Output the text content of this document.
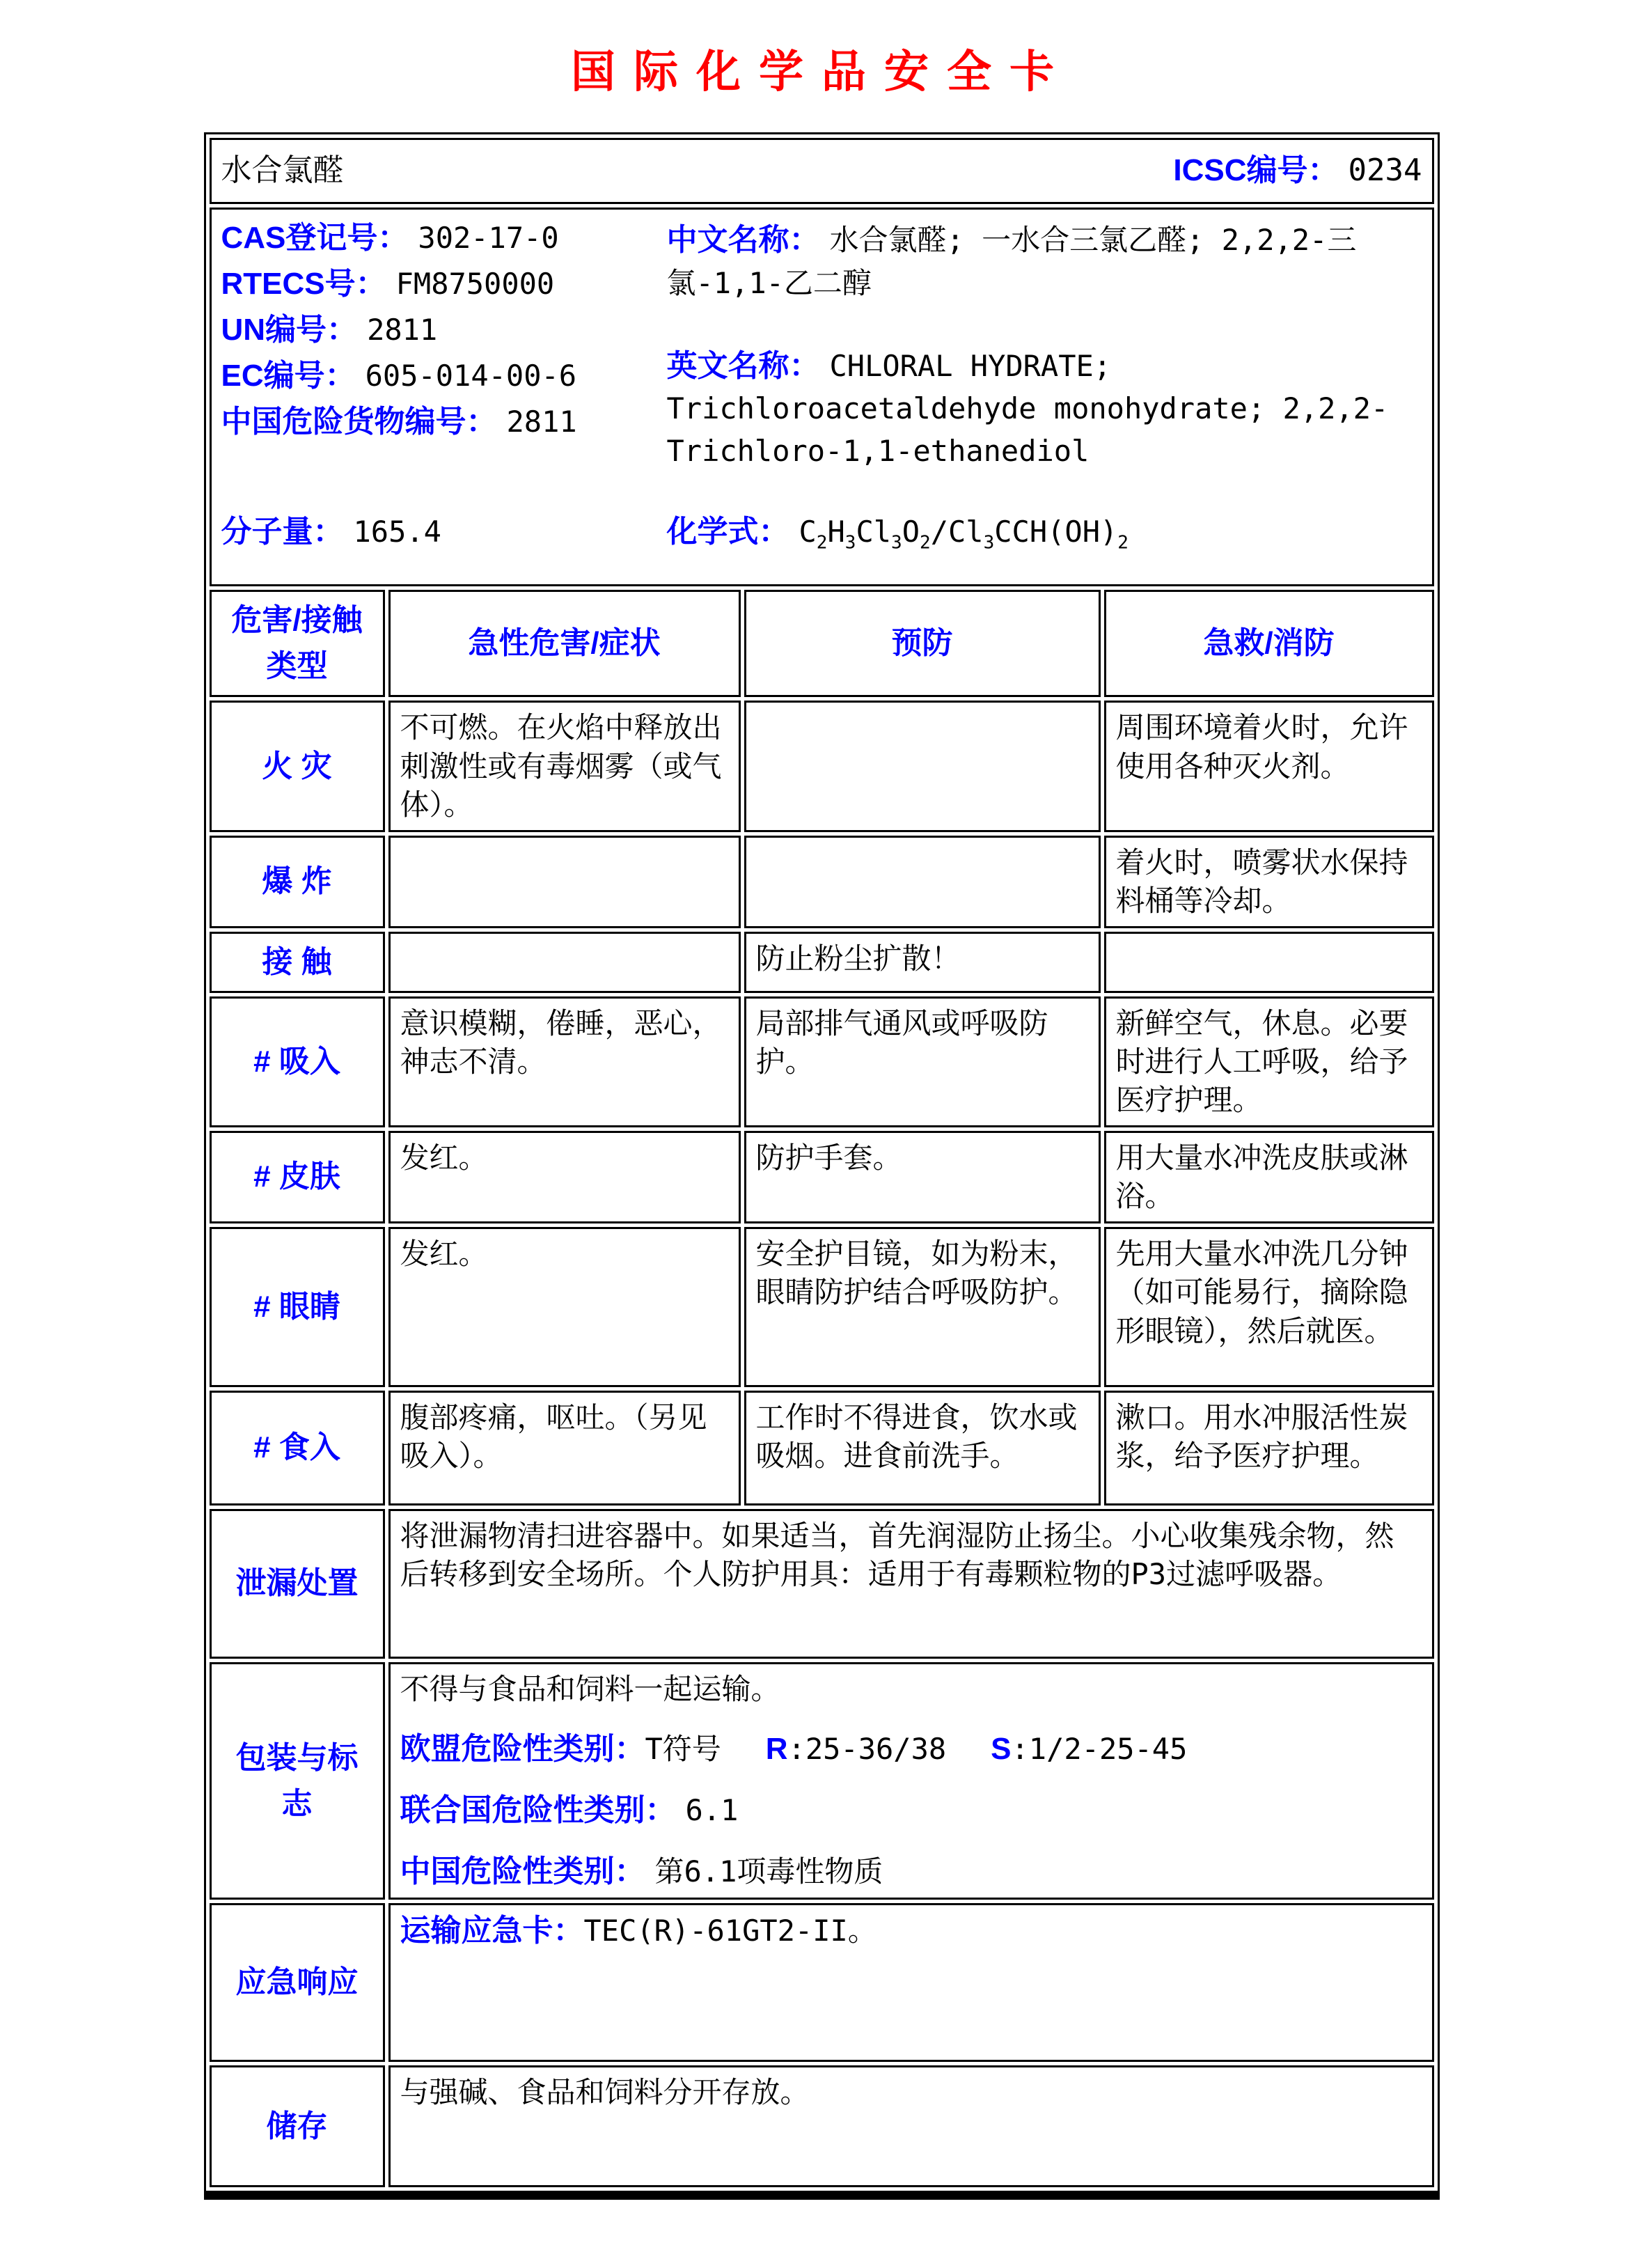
国际化学品安全卡
水合氯醛 ICSC编号： 0234			

CAS登记号： 302-17-0
RTECS号： FM8750000
UN编号： 2811
EC编号： 605-014-00-6
中国危险货物编号： 2811

中文名称： 水合氯醛; 一水合三氯乙醛; 2,2,2-三氯-1,1-乙二醇

英文名称： CHLORAL HYDRATE; Trichloroacetaldehyde monohydrate; 2,2,2-Trichloro-1,1-ethanediol

分子量： 165.4	化学式： $C_2H_3Cl_3O_2/Cl_3CCH(OH)_2$

危害/接触类型	急性危害/症状	预防	急救/消防
火 灾	不可燃。在火焰中释放出刺激性或有毒烟雾（或气体）。		周围环境着火时，允许使用各种灭火剂。
爆 炸			着火时，喷雾状水保持料桶等冷却。
接 触		防止粉尘扩散！	
# 吸入	意识模糊，倦睡，恶心，神志不清。	局部排气通风或呼吸防护。	新鲜空气，休息。必要时进行人工呼吸，给予医疗护理。
# 皮肤	发红。	防护手套。	用大量水冲洗皮肤或淋浴。
# 眼睛	发红。	安全护目镜，如为粉末，眼睛防护结合呼吸防护。	先用大量水冲洗几分钟（如可能易行，摘除隐形眼镜），然后就医。
# 食入	腹部疼痛，呕吐。（另见吸入）。	工作时不得进食，饮水或吸烟。进食前洗手。	漱口。用水冲服活性炭浆，给予医疗护理。
泄漏处置	将泄漏物清扫进容器中。如果适当，首先润湿防止扬尘。小心收集残余物，然后转移到安全场所。个人防护用具：适用于有毒颗粒物的P3过滤呼吸器。		
包装与标志	不得与食品和饲料一起运输。
欧盟危险性类别：T符号 R:25-36/38 S:1/2-25-45
联合国危险性类别： 6.1
中国危险性类别： 第6.1项毒性物质		

应急响应	运输应急卡：TEC(R)-61GT2-II。		
储存	与强碱、食品和饲料分开存放。		
